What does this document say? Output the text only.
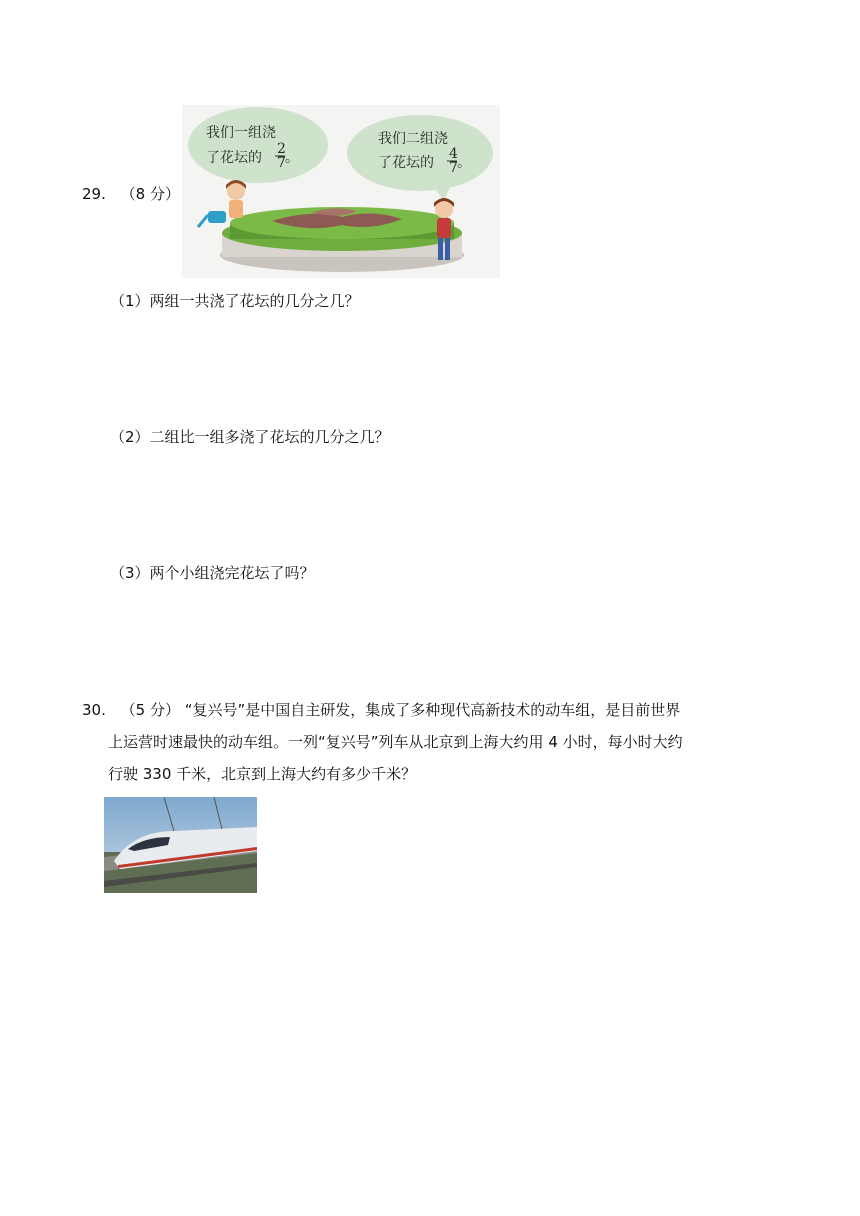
29. （8 分）
我们一组浇
了花坛的
2
7 。
我们二组浇
了花坛的
4
7 。
（1）两组一共浇了花坛的几分之几？
（2）二组比一组多浇了花坛的几分之几？
（3）两个小组浇完花坛了吗？
30. （5 分） “复兴号”是中国自主研发，集成了多种现代高新技术的动车组，是目前世界
上运营时速最快的动车组。一列“复兴号”列车从北京到上海大约用 4 小时，每小时大约
行驶 330 千米，北京到上海大约有多少千米？
